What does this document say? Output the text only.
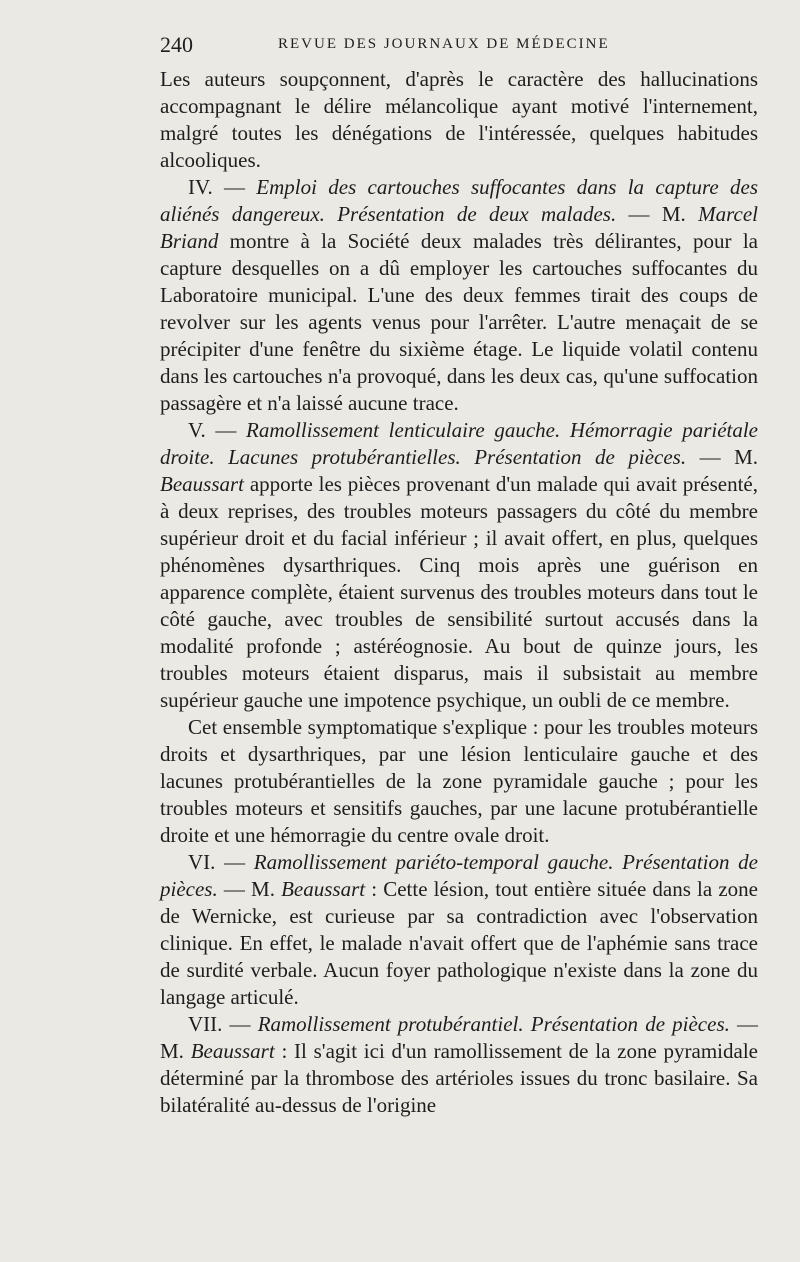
240	REVUE DES JOURNAUX DE MÉDECINE

Les auteurs soupçonnent, d'après le caractère des hallucinations accompagnant le délire mélancolique ayant motivé l'internement, malgré toutes les dénégations de l'intéressée, quelques habitudes alcooliques.

IV. — Emploi des cartouches suffocantes dans la capture des aliénés dangereux. Présentation de deux malades. — M. Marcel Briand montre à la Société deux malades très délirantes, pour la capture desquelles on a dû employer les cartouches suffocantes du Laboratoire municipal. L'une des deux femmes tirait des coups de revolver sur les agents venus pour l'arrêter. L'autre menaçait de se précipiter d'une fenêtre du sixième étage. Le liquide volatil contenu dans les cartouches n'a provoqué, dans les deux cas, qu'une suffocation passagère et n'a laissé aucune trace.

V. — Ramollissement lenticulaire gauche. Hémorragie pariétale droite. Lacunes protubérantielles. Présentation de pièces. — M. Beaussart apporte les pièces provenant d'un malade qui avait présenté, à deux reprises, des troubles moteurs passagers du côté du membre supérieur droit et du facial inférieur ; il avait offert, en plus, quelques phénomènes dysarthriques. Cinq mois après une guérison en apparence complète, étaient survenus des troubles moteurs dans tout le côté gauche, avec troubles de sensibilité surtout accusés dans la modalité profonde ; astéréognosie. Au bout de quinze jours, les troubles moteurs étaient disparus, mais il subsistait au membre supérieur gauche une impotence psychique, un oubli de ce membre.

Cet ensemble symptomatique s'explique : pour les troubles moteurs droits et dysarthriques, par une lésion lenticulaire gauche et des lacunes protubérantielles de la zone pyramidale gauche ; pour les troubles moteurs et sensitifs gauches, par une lacune protubérantielle droite et une hémorragie du centre ovale droit.

VI. — Ramollissement pariéto-temporal gauche. Présentation de pièces. — M. Beaussart : Cette lésion, tout entière située dans la zone de Wernicke, est curieuse par sa contradiction avec l'observation clinique. En effet, le malade n'avait offert que de l'aphémie sans trace de surdité verbale. Aucun foyer pathologique n'existe dans la zone du langage articulé.

VII. — Ramollissement protubérantiel. Présentation de pièces. — M. Beaussart : Il s'agit ici d'un ramollissement de la zone pyramidale déterminé par la thrombose des artérioles issues du tronc basilaire. Sa bilatéralité au-dessus de l'origine
